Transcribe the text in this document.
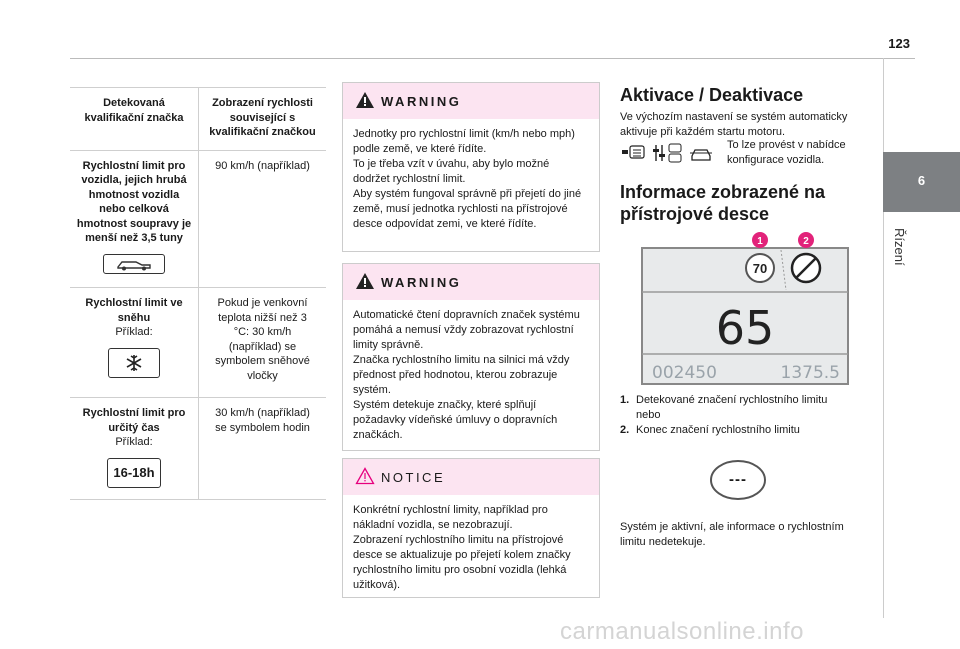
123
6
Řízení
Detekovaná kvalifikační značka	Zobrazení rychlosti související s kvalifikační značkou

Rychlostní limit pro vozidla, jejich hrubá hmotnost vozidla nebo celková hmotnost soupravy je menší než 3,5 tuny	90 km/h (například)

Rychlostní limit ve sněhu
Příklad:	Pokud je venkovní teplota nižší než 3 °C: 30 km/h (například) se symbolem sněhové vločky

Rychlostní limit pro určitý čas
Příklad:
16-18h	30 km/h (například) se symbolem hodin
WARNING

Jednotky pro rychlostní limit (km/h nebo mph) podle země, ve které řídíte.
To je třeba vzít v úvahu, aby bylo možné dodržet rychlostní limit.
Aby systém fungoval správně při přejetí do jiné země, musí jednotka rychlosti na přístrojové desce odpovídat zemi, ve které řídíte.

WARNING

Automatické čtení dopravních značek systému pomáhá a nemusí vždy zobrazovat rychlostní limity správně.
Značka rychlostního limitu na silnici má vždy přednost před hodnotou, kterou zobrazuje systém.
Systém detekuje značky, které splňují požadavky vídeňské úmluvy o dopravních značkách.

NOTICE

Konkrétní rychlostní limity, například pro nákladní vozidla, se nezobrazují.
Zobrazení rychlostního limitu na přístrojové desce se aktualizuje po přejetí kolem značky rychlostního limitu pro osobní vozidla (lehká užitková).

Aktivace / Deaktivace
Ve výchozím nastavení se systém automaticky aktivuje při každém startu motoru.
To lze provést v nabídce konfigurace vozidla.
Informace zobrazené na přístrojové desce
70
1	2
65
002450	1375.5
1. Detekované značení rychlostního limitu nebo
2. Konec značení rychlostního limitu
---
Systém je aktivní, ale informace o rychlostním limitu nedetekuje.
carmanualsonline.info
